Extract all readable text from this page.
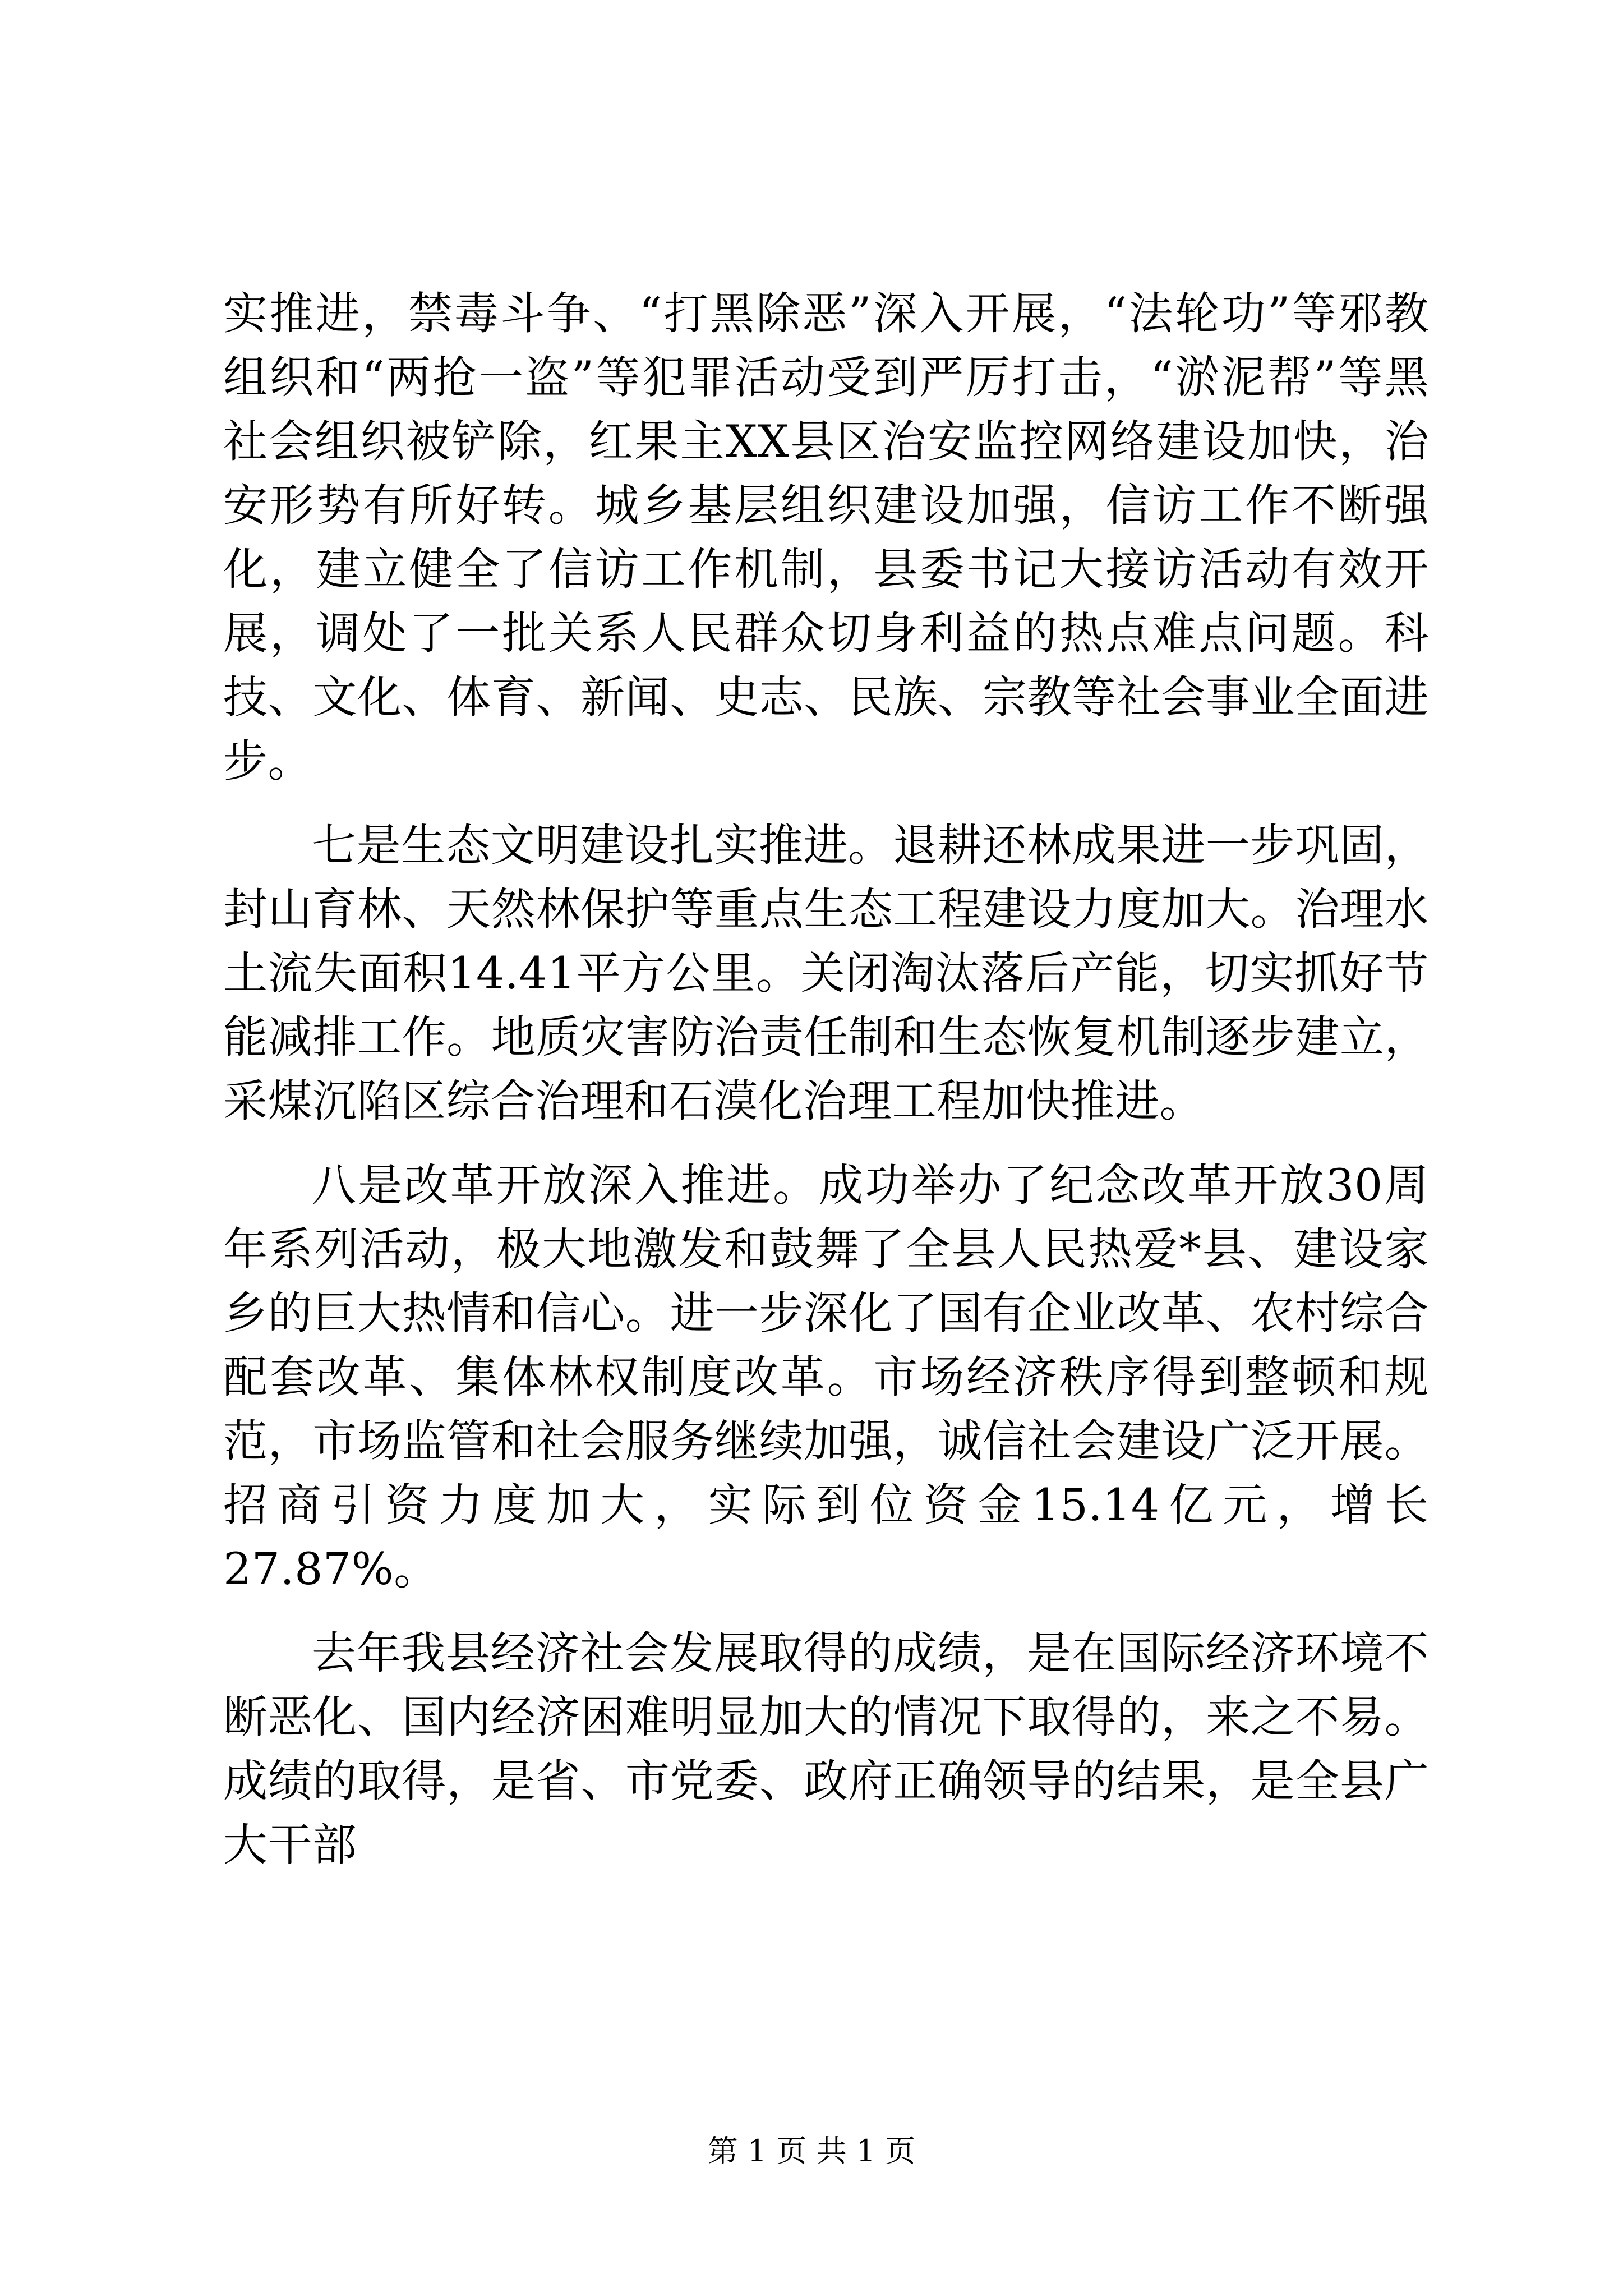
实推进，禁毒斗争、“打黑除恶”深入开展，“法轮功”等邪教组织和“两抢一盗”等犯罪活动受到严厉打击，“淤泥帮”等黑社会组织被铲除，红果主XX县区治安监控网络建设加快，治安形势有所好转。城乡基层组织建设加强，信访工作不断强化，建立健全了信访工作机制，县委书记大接访活动有效开展，调处了一批关系人民群众切身利益的热点难点问题。科技、文化、体育、新闻、史志、民族、宗教等社会事业全面进步。

七是生态文明建设扎实推进。退耕还林成果进一步巩固，封山育林、天然林保护等重点生态工程建设力度加大。治理水土流失面积14.41平方公里。关闭淘汰落后产能，切实抓好节能减排工作。地质灾害防治责任制和生态恢复机制逐步建立，采煤沉陷区综合治理和石漠化治理工程加快推进。

八是改革开放深入推进。成功举办了纪念改革开放30周年系列活动，极大地激发和鼓舞了全县人民热爱*县、建设家乡的巨大热情和信心。进一步深化了国有企业改革、农村综合配套改革、集体林权制度改革。市场经济秩序得到整顿和规范，市场监管和社会服务继续加强，诚信社会建设广泛开展。招商引资力度加大，实际到位资金15.14亿元，增长27.87%。

去年我县经济社会发展取得的成绩，是在国际经济环境不断恶化、国内经济困难明显加大的情况下取得的，来之不易。成绩的取得，是省、市党委、政府正确领导的结果，是全县广大干部

第 1 页 共 1 页
